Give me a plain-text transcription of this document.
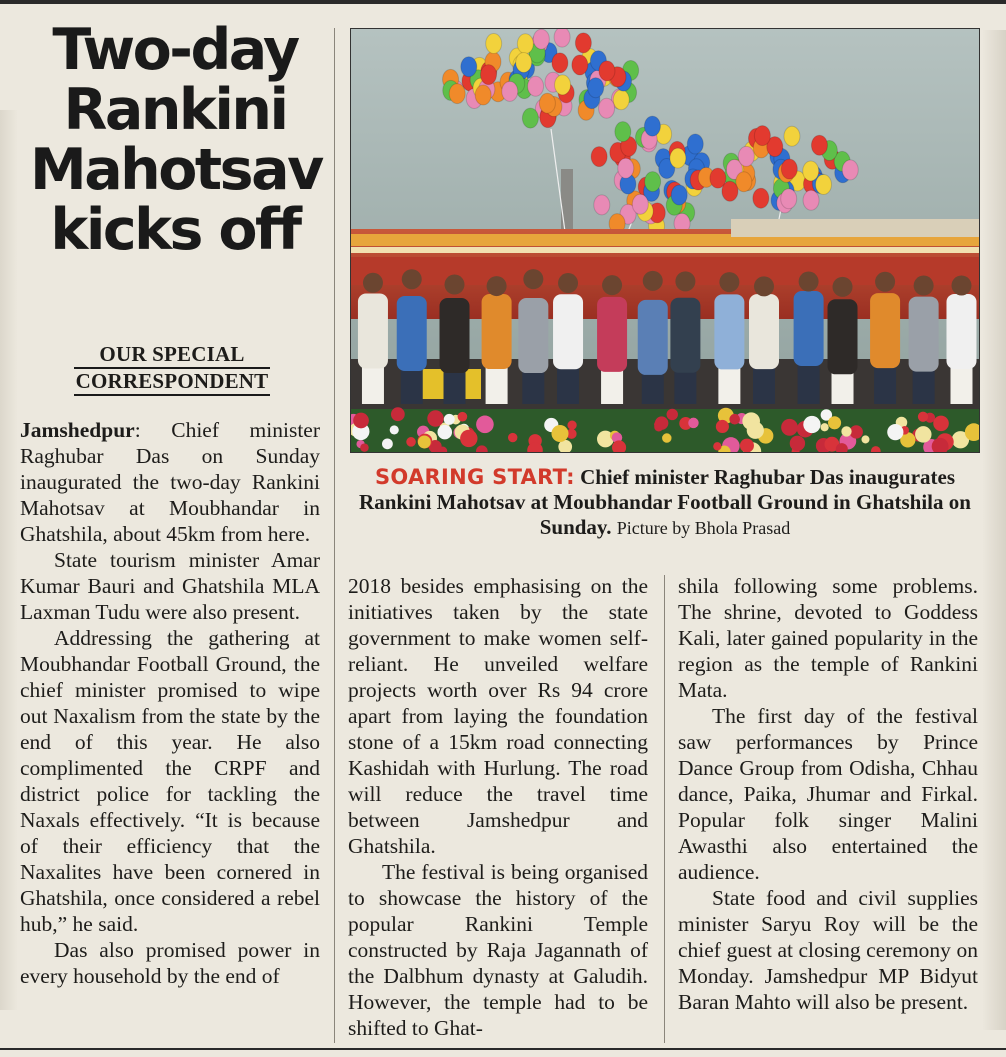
Two-day
Rankini
Mahotsav
kicks off
OUR SPECIAL
CORRESPONDENT
SOARING START: Chief minister Raghubar Das inaugurates Rankini Mahotsav at Moubhandar Football Ground in Ghatshila on Sunday. Picture by Bhola Prasad

Jamshedpur: Chief minister Raghubar Das on Sunday inaugurated the two-day Rankini Mahotsav at Moubhandar in Ghatshila, about 45km from here.

State tourism minister Amar Kumar Bauri and Ghatshila MLA Laxman Tudu were also present.

Addressing the gathering at Moubhandar Football Ground, the chief minister promised to wipe out Naxalism from the state by the end of this year. He also complimented the CRPF and district police for tackling the Naxals effectively. “It is because of their efficiency that the Naxalites have been cornered in Ghatshila, once considered a rebel hub,” he said.

Das also promised power in every household by the end of

2018 besides emphasising on the initiatives taken by the state government to make women self-reliant. He unveiled welfare projects worth over Rs 94 crore apart from laying the foundation stone of a 15km road connecting Kashidah with Hurlung. The road will reduce the travel time between Jamshedpur and Ghatshila.

The festival is being organised to showcase the history of the popular Rankini Temple constructed by Raja Jagannath of the Dalbhum dynasty at Galudih. However, the temple had to be shifted to Ghat-

shila following some problems. The shrine, devoted to Goddess Kali, later gained popularity in the region as the temple of Rankini Mata.

The first day of the festival saw performances by Prince Dance Group from Odisha, Chhau dance, Paika, Jhumar and Firkal. Popular folk singer Malini Awasthi also entertained the audience.

State food and civil supplies minister Saryu Roy will be the chief guest at closing ceremony on Monday. Jamshedpur MP Bidyut Baran Mahto will also be present.
